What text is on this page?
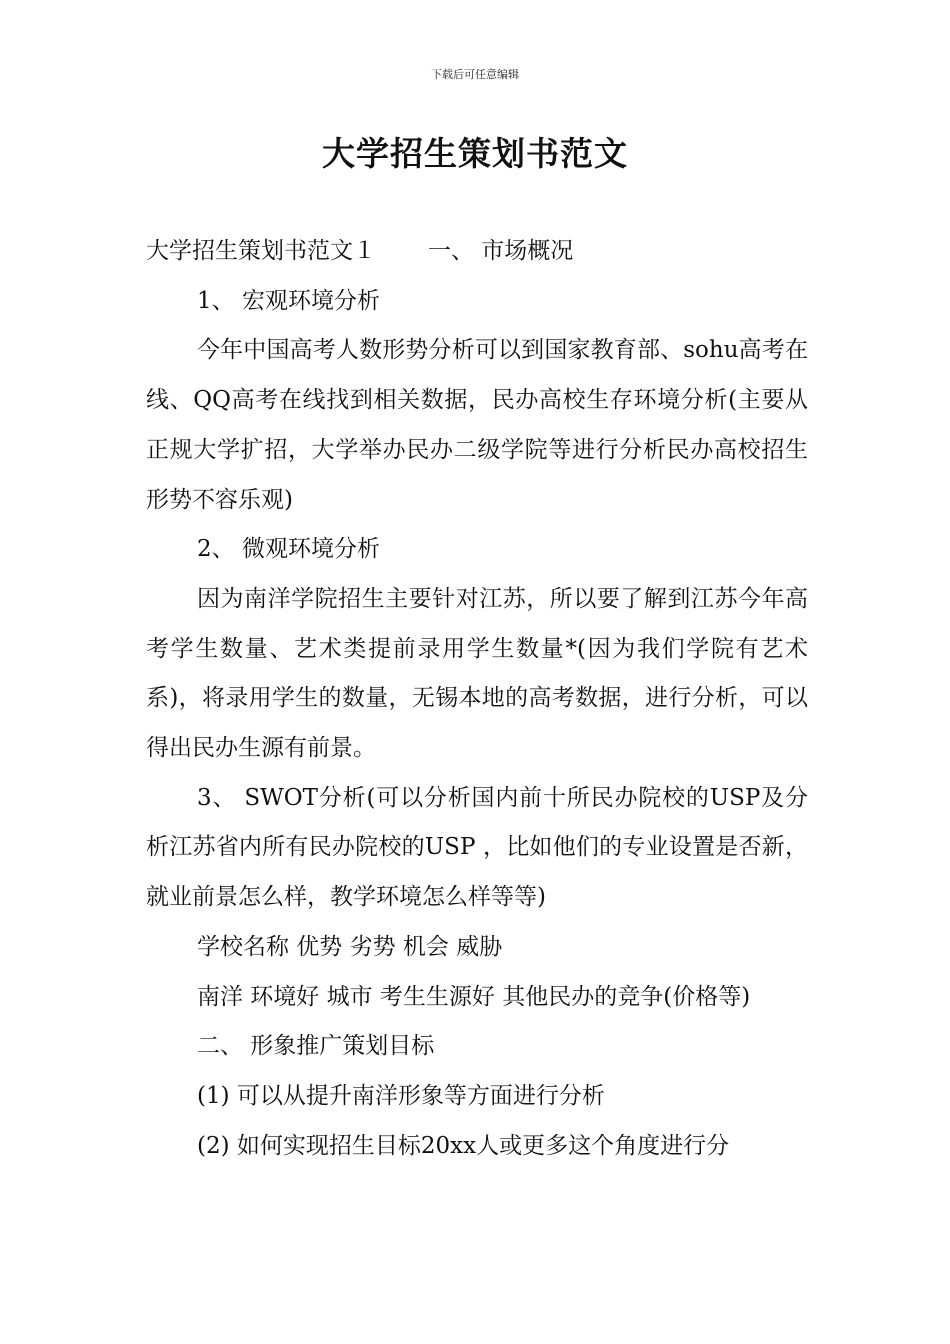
下载后可任意编辑
大学招生策划书范文

大学招生策划书范文１ 一、 市场概况

1、 宏观环境分析

今年中国高考人数形势分析可以到国家教育部、sohu高考在线、QQ高考在线找到相关数据，民办高校生存环境分析(主要从正规大学扩招，大学举办民办二级学院等进行分析民办高校招生形势不容乐观)

2、 微观环境分析

因为南洋学院招生主要针对江苏，所以要了解到江苏今年高考学生数量、艺术类提前录用学生数量*(因为我们学院有艺术系)，将录用学生的数量，无锡本地的高考数据，进行分析，可以得出民办生源有前景。

3、 SWOT分析(可以分析国内前十所民办院校的USP及分析江苏省内所有民办院校的USP ，比如他们的专业设置是否新，就业前景怎么样，教学环境怎么样等等)

学校名称 优势 劣势 机会 威胁

南洋 环境好 城市 考生生源好 其他民办的竞争(价格等)

二、 形象推广策划目标

(1) 可以从提升南洋形象等方面进行分析

(2) 如何实现招生目标20xx人或更多这个角度进行分
